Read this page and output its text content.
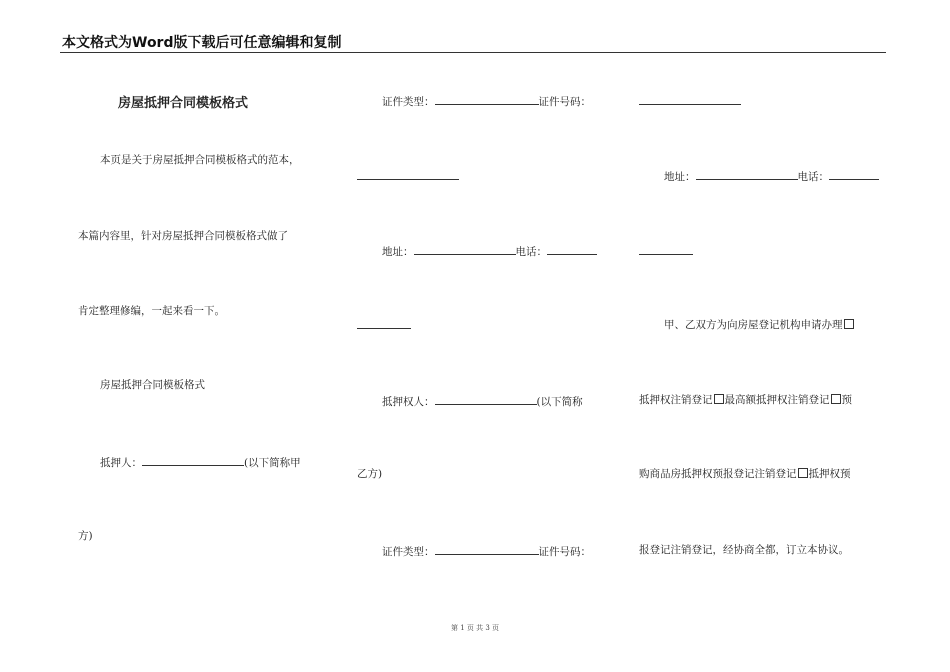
本文格式为Word版下载后可任意编辑和复制
房屋抵押合同模板格式
本页是关于房屋抵押合同模板格式的范本，
本篇内容里，针对房屋抵押合同模板格式做了
肯定整理修编，一起来看一下。
房屋抵押合同模板格式
抵押人：	(以下简称甲
方)
证件类型：	证件号码：
地址：	电话：
抵押权人：	(以下简称
乙方)
证件类型：	证件号码：
地址：	电话：
甲、乙双方为向房屋登记机构申请办理
抵押权注销登记 最高额抵押权注销登记 预
购商品房抵押权预报登记注销登记 抵押权预
报登记注销登记，经协商全都，订立本协议。
第 1 页 共 3 页
